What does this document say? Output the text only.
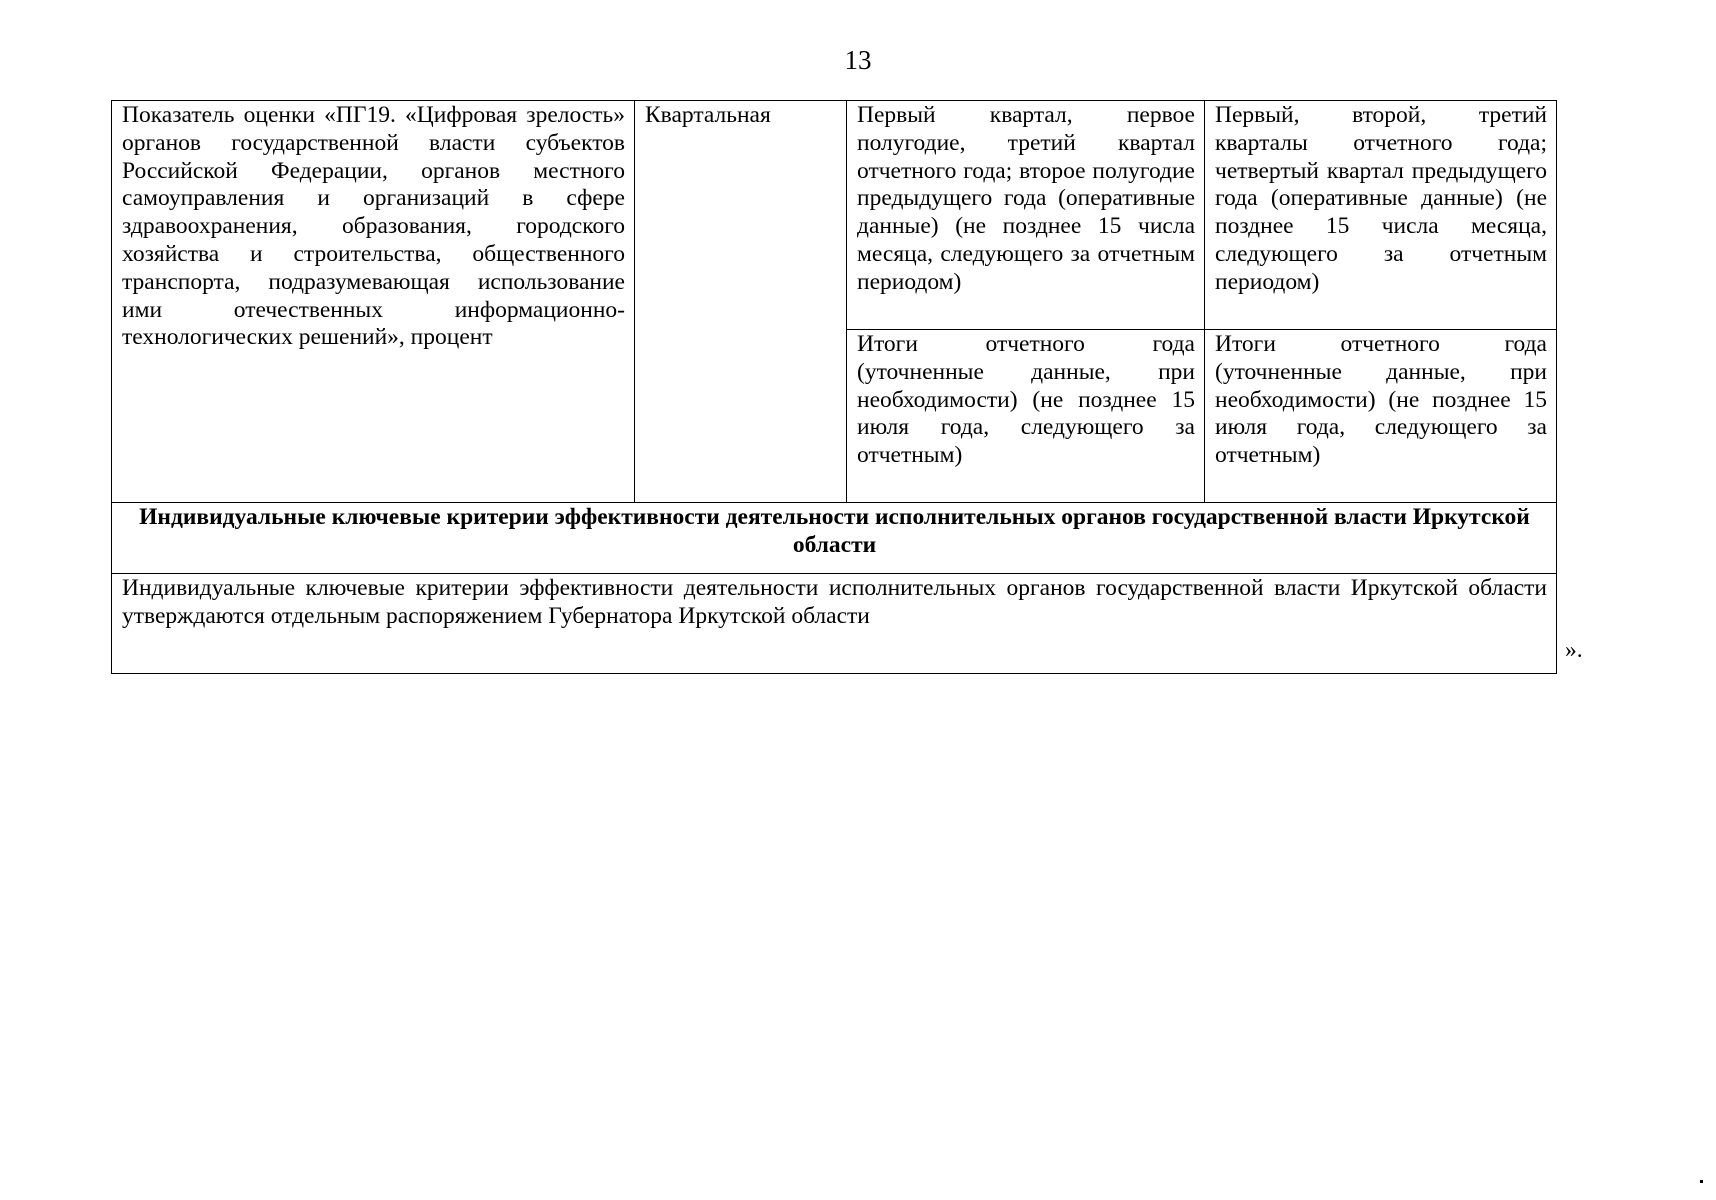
13
Показатель оценки «ПГ19. «Цифровая зрелость» органов государственной власти субъектов Российской Федерации, органов местного самоуправления и организаций в сфере здравоохранения, образования, городского хозяйства и строительства, общественного транспорта, подразумевающая использование ими отечественных информационно-технологических решений», процент	Квартальная	Первый квартал, первое полугодие, третий квартал отчетного года; второе полугодие предыдущего года (оперативные данные) (не позднее 15 числа месяца, следующего за отчетным периодом)	Первый, второй, третий кварталы отчетного года; четвертый квартал предыдущего года (оперативные данные) (не позднее 15 числа месяца, следующего за отчетным периодом)
		Итоги отчетного года (уточненные данные, при необходимости) (не позднее 15 июля года, следующего за отчетным)	Итоги отчетного года (уточненные данные, при необходимости) (не позднее 15 июля года, следующего за отчетным)
Индивидуальные ключевые критерии эффективности деятельности исполнительных органов государственной власти Иркутской области			
Индивидуальные ключевые критерии эффективности деятельности исполнительных органов государственной власти Иркутской области утверждаются отдельным распоряжением Губернатора Иркутской области			
».
